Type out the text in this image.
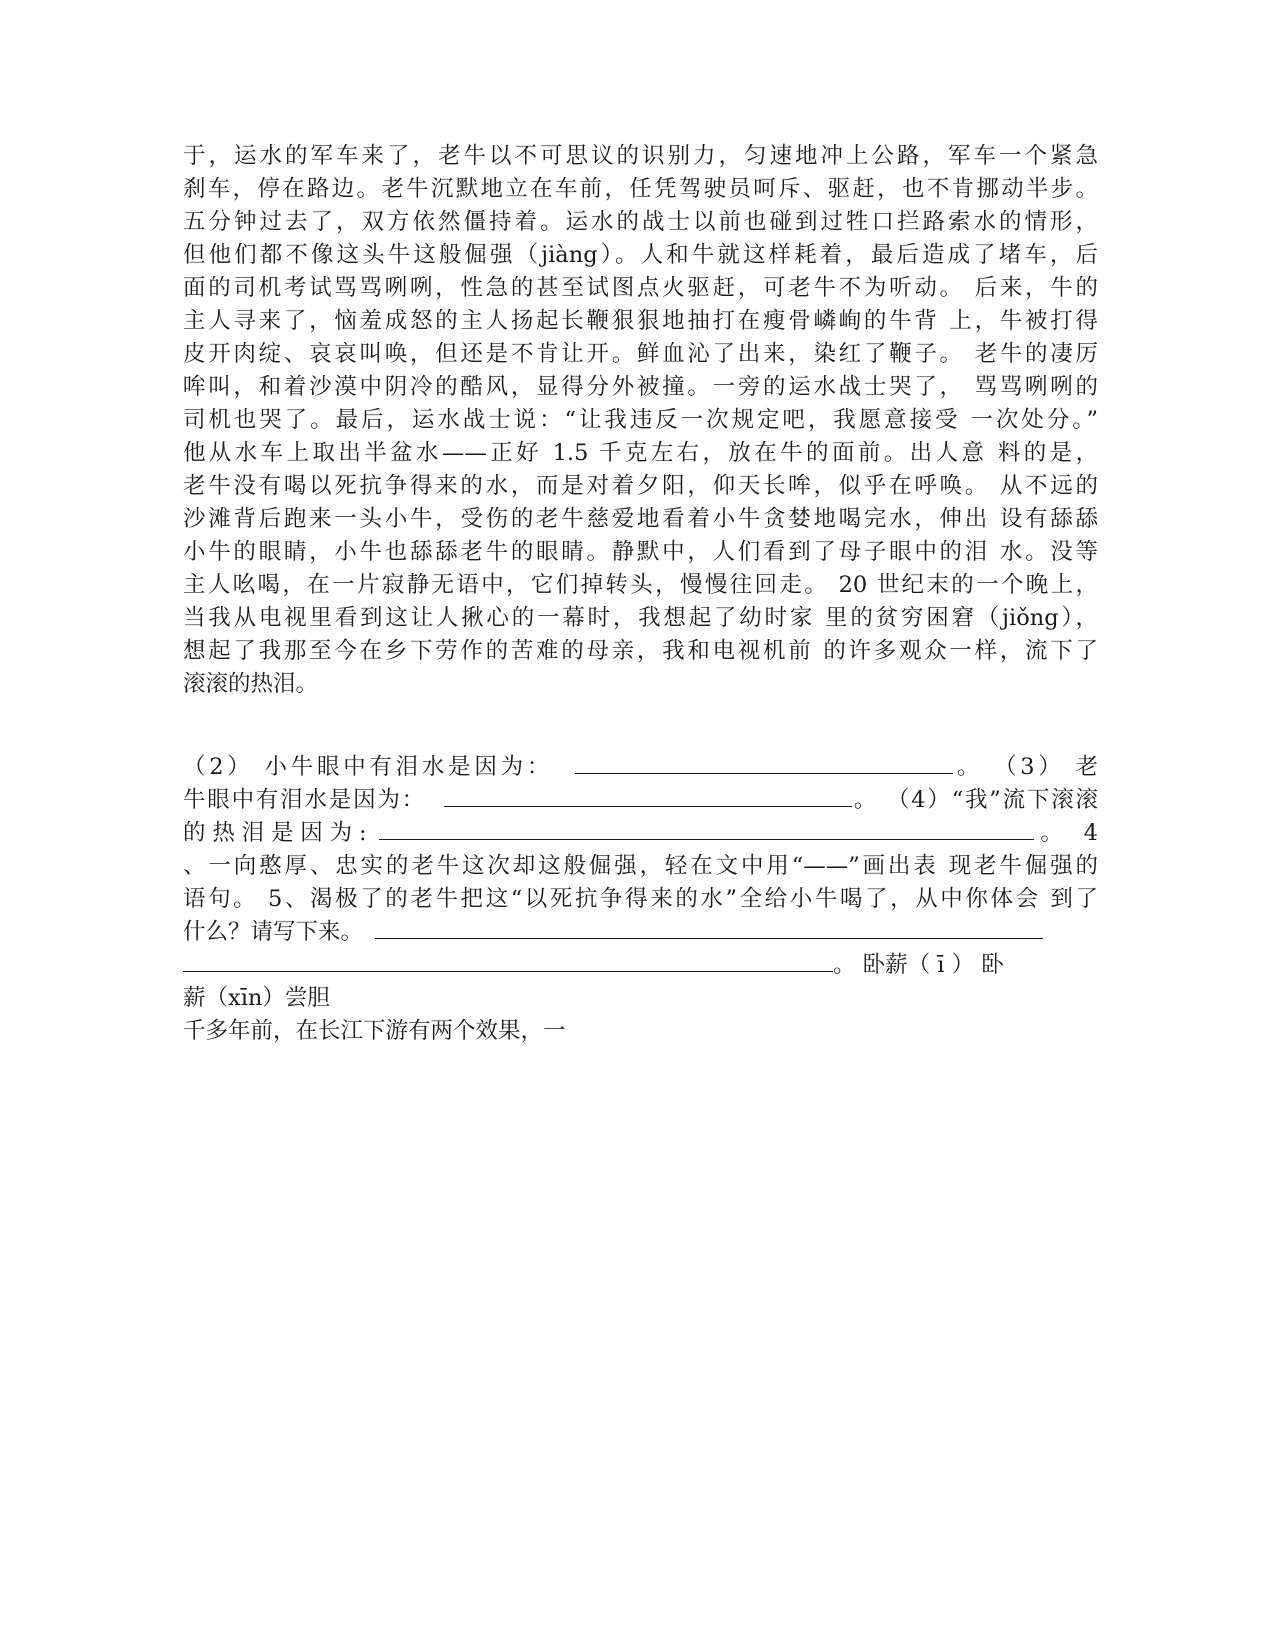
于，运水的军车来了，老牛以不可思议的识别力，匀速地冲上公路，军车一个紧急
刹车，停在路边。老牛沉默地立在车前，任凭驾驶员呵斥、驱赶，也不肯挪动半步。
五分钟过去了，双方依然僵持着。运水的战士以前也碰到过牲口拦路索水的情形，
但他们都不像这头牛这般倔强（jiàng）。人和牛就这样耗着，最后造成了堵车，后
面的司机考试骂骂咧咧，性急的甚至试图点火驱赶，可老牛不为听动。 后来，牛的
主人寻来了，恼羞成怒的主人扬起长鞭狠狠地抽打在瘦骨嶙峋的牛背 上，牛被打得
皮开肉绽、哀哀叫唤，但还是不肯让开。鲜血沁了出来，染红了鞭子。 老牛的凄厉
哞叫，和着沙漠中阴冷的酷风，显得分外被撞。一旁的运水战士哭了， 骂骂咧咧的
司机也哭了。最后，运水战士说：“让我违反一次规定吧，我愿意接受 一次处分。”
他从水车上取出半盆水——正好 1.5 千克左右，放在牛的面前。出人意 料的是，
老牛没有喝以死抗争得来的水，而是对着夕阳，仰天长哞，似乎在呼唤。 从不远的
沙滩背后跑来一头小牛，受伤的老牛慈爱地看着小牛贪婪地喝完水，伸出 设有舔舔
小牛的眼睛，小牛也舔舔老牛的眼睛。静默中，人们看到了母子眼中的泪 水。没等
主人吆喝，在一片寂静无语中，它们掉转头，慢慢往回走。 20 世纪末的一个晚上，
当我从电视里看到这让人揪心的一幕时，我想起了幼时家 里的贫穷困窘（jiǒng），
想起了我那至今在乡下劳作的苦难的母亲，我和电视机前 的许多观众一样，流下了
滚滚的热泪。
（2） 小牛眼中有泪水是因为：	。 （3） 老
牛眼中有泪水是因为：	。 （4）“我”流下滚滚
的热泪是因为:	。 4
、一向憨厚、忠实的老牛这次却这般倔强，轻在文中用“——”画出表 现老牛倔强的
语句。 5、渴极了的老牛把这“以死抗争得来的水”全给小牛喝了，从中你体会 到了
什么？请写下来。
。 卧薪（ ī ） 卧
薪（xīn）尝胆
千多年前，在长江下游有两个效果，一
